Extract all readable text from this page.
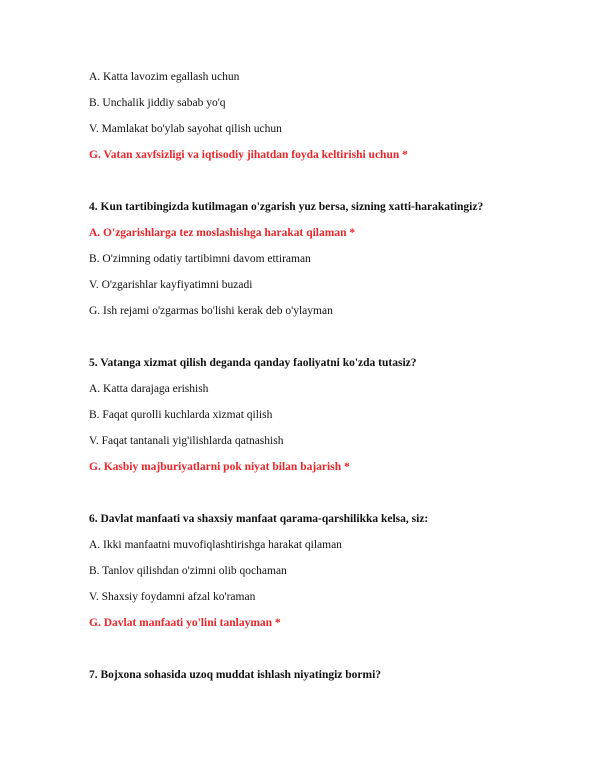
A. Katta lavozim egallash uchun
B. Unchalik jiddiy sabab yo'q
V. Mamlakat bo'ylab sayohat qilish uchun
G. Vatan xavfsizligi va iqtisodiy jihatdan foyda keltirishi uchun *
4. Kun tartibingizda kutilmagan o'zgarish yuz bersa, sizning xatti-harakatingiz?
A. O'zgarishlarga tez moslashishga harakat qilaman *
B. O'zimning odatiy tartibimni davom ettiraman
V. O'zgarishlar kayfiyatimni buzadi
G. Ish rejami o'zgarmas bo'lishi kerak deb o'ylayman
5. Vatanga xizmat qilish deganda qanday faoliyatni ko'zda tutasiz?
A. Katta darajaga erishish
B. Faqat qurolli kuchlarda xizmat qilish
V. Faqat tantanali yig'ilishlarda qatnashish
G. Kasbiy majburiyatlarni pok niyat bilan bajarish *
6. Davlat manfaati va shaxsiy manfaat qarama-qarshilikka kelsa, siz:
A. Ikki manfaatni muvofiqlashtirishga harakat qilaman
B. Tanlov qilishdan o'zimni olib qochaman
V. Shaxsiy foydamni afzal ko'raman
G. Davlat manfaati yo'lini tanlayman *
7. Bojxona sohasida uzoq muddat ishlash niyatingiz bormi?
